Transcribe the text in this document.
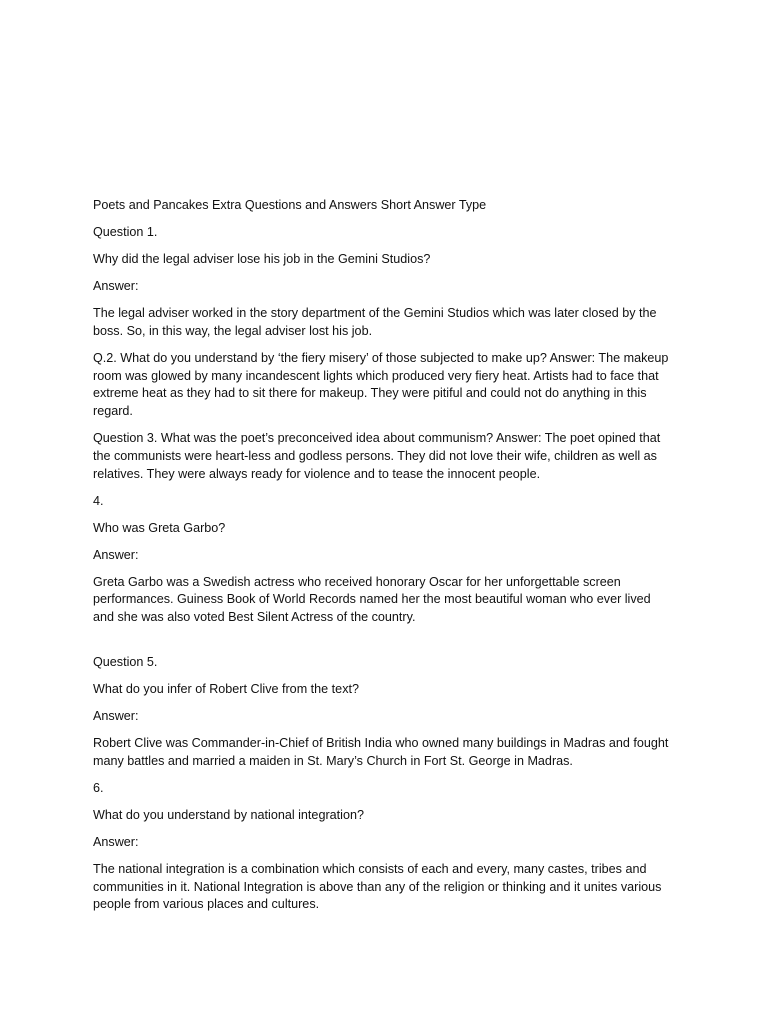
Poets and Pancakes Extra Questions and Answers Short Answer Type

Question 1.

Why did the legal adviser lose his job in the Gemini Studios?

Answer:

The legal adviser worked in the story department of the Gemini Studios which was later closed by the boss. So, in this way, the legal adviser lost his job.

Q.2. What do you understand by ‘the fiery misery’ of those subjected to make up? Answer: The makeup room was glowed by many incandescent lights which produced very fiery heat. Artists had to face that extreme heat as they had to sit there for makeup. They were pitiful and could not do anything in this regard.

Question 3. What was the poet’s preconceived idea about communism? Answer: The poet opined that the communists were heart-less and godless persons. They did not love their wife, children as well as relatives. They were always ready for violence and to tease the innocent people.

4.

Who was Greta Garbo?

Answer:

Greta Garbo was a Swedish actress who received honorary Oscar for her unforgettable screen performances. Guiness Book of World Records named her the most beautiful woman who ever lived and she was also voted Best Silent Actress of the country.

Question 5.

What do you infer of Robert Clive from the text?

Answer:

Robert Clive was Commander-in-Chief of British India who owned many buildings in Madras and fought many battles and married a maiden in St. Mary’s Church in Fort St. George in Madras.

6.

What do you understand by national integration?

Answer:

The national integration is a combination which consists of each and every, many castes, tribes and communities in it. National Integration is above than any of the religion or thinking and it unites various people from various places and cultures.
